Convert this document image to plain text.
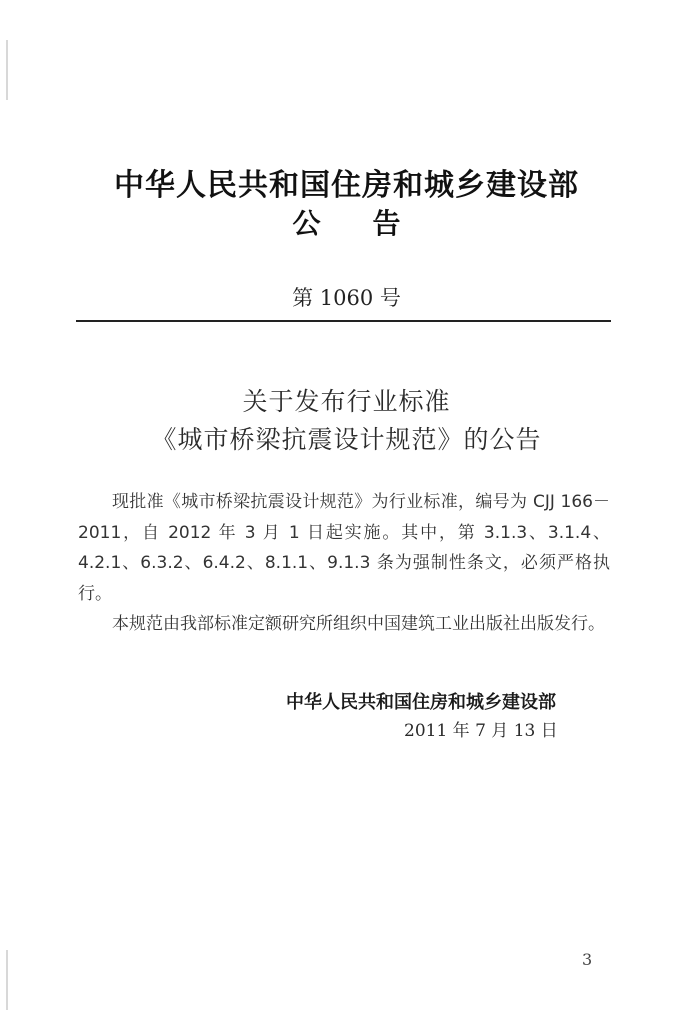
中华人民共和国住房和城乡建设部
公 告
第 1060 号
关于发布行业标准
《城市桥梁抗震设计规范》的公告

现批准《城市桥梁抗震设计规范》为行业标准，编号为 CJJ 166－2011，自 2012 年 3 月 1 日起实施。其中，第 3.1.3、3.1.4、4.2.1、6.3.2、6.4.2、8.1.1、9.1.3 条为强制性条文，必须严格执行。

本规范由我部标准定额研究所组织中国建筑工业出版社出版发行。

中华人民共和国住房和城乡建设部
2011 年 7 月 13 日
3
